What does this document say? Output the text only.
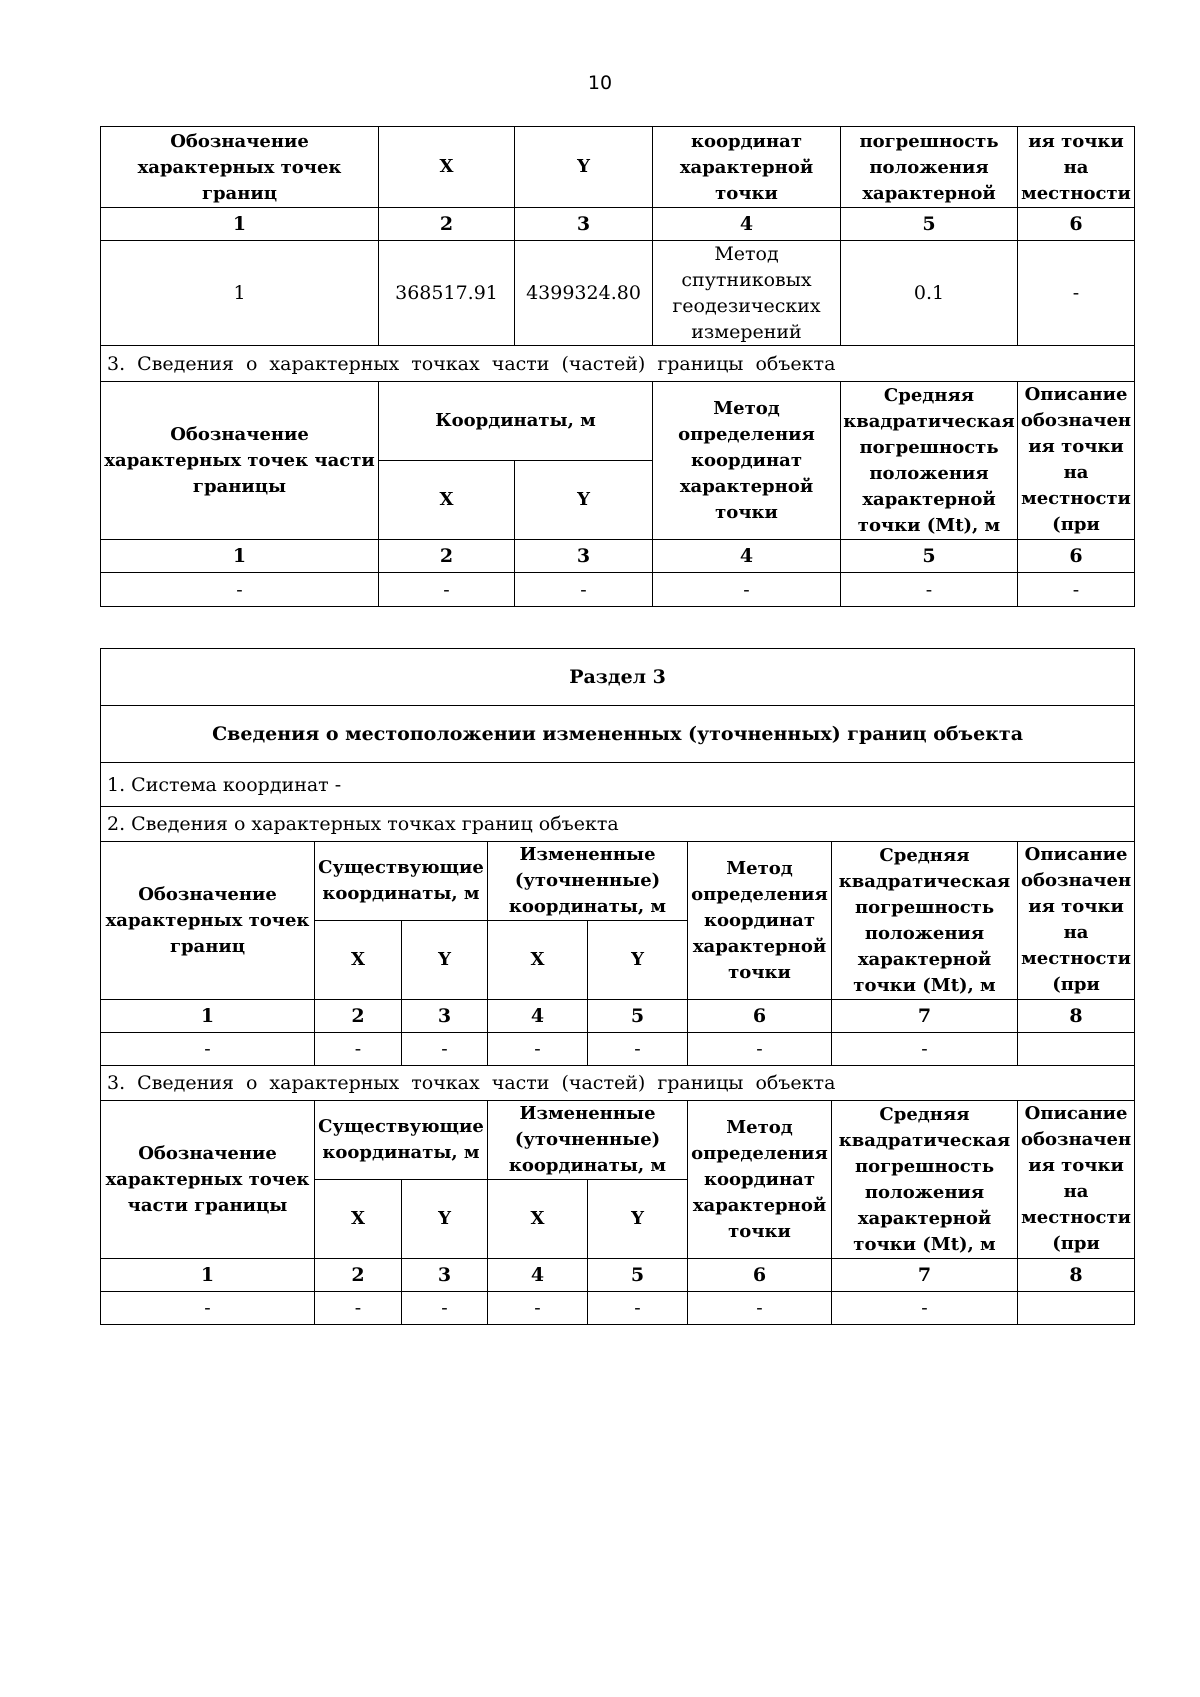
10
Обозначение характерных точек границ	X	Y	координат характерной точки	погрешность положения характерной	ия точки на местности
1	2	3	4	5	6
1	368517.91	4399324.80	Метод спутниковых геодезических измерений	0.1	-
3. Сведения о характерных точках части (частей) границы объекта					
Обозначение характерных точек части границы	Координаты, м		Метод определения координат характерной точки	Средняя квадратическая погрешность положения характерной точки (Mt), м	Описание обозначен ия точки на местности (при
	X	Y			
1	2	3	4	5	6
-	-	-	-	-	-
Раздел 3							
Сведения о местоположении измененных (уточненных) границ объекта							
1. Система координат -							
2. Сведения о характерных точках границ объекта							
Обозначение характерных точек границ	Существующие координаты, м		Измененные (уточненные) координаты, м		Метод определения координат характерной точки	Средняя квадратическая погрешность положения характерной точки (Mt), м	Описание обозначен ия точки на местности (при
	X	Y	X	Y			
1	2	3	4	5	6	7	8
-	-	-	-	-	-	-	
3. Сведения о характерных точках части (частей) границы объекта							
Обозначение характерных точек части границы	Существующие координаты, м		Измененные (уточненные) координаты, м		Метод определения координат характерной точки	Средняя квадратическая погрешность положения характерной точки (Mt), м	Описание обозначен ия точки на местности (при
	X	Y	X	Y			
1	2	3	4	5	6	7	8
-	-	-	-	-	-	-	
